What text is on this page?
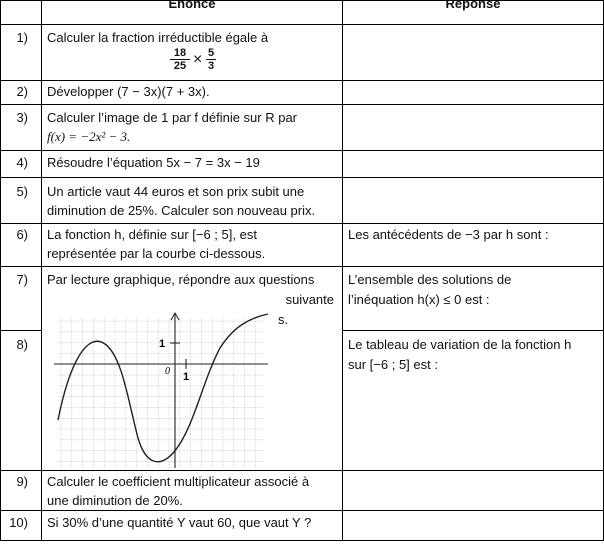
Enoncé	Réponse
1) Calculer la fraction irréductible égale à
$\frac{18}{25} \times \frac{5}{3}$
2) Développer (7 − 3x)(7 + 3x).
3) Calculer l’image de 1 par f définie sur R par
f(x) = −2x² − 3.
4) Résoudre l’équation 5x − 7 = 3x − 19
5) Un article vaut 44 euros et son prix subit une
diminution de 25%. Calculer son nouveau prix.
6) La fonction h, définie sur [−6 ; 5], est
représentée par la courbe ci-dessous.
Les antécédents de −3 par h sont :
7) Par lecture graphique, répondre aux questions
suivante
s.
L’ensemble des solutions de
l’inéquation h(x) ≤ 0 est :
8)	Le tableau de variation de la fonction h
sur [−6 ; 5] est :
1
0 1
9) Calculer le coefficient multiplicateur associé à
une diminution de 20%.
10) Si 30% d’une quantité Y vaut 60, que vaut Y ?
